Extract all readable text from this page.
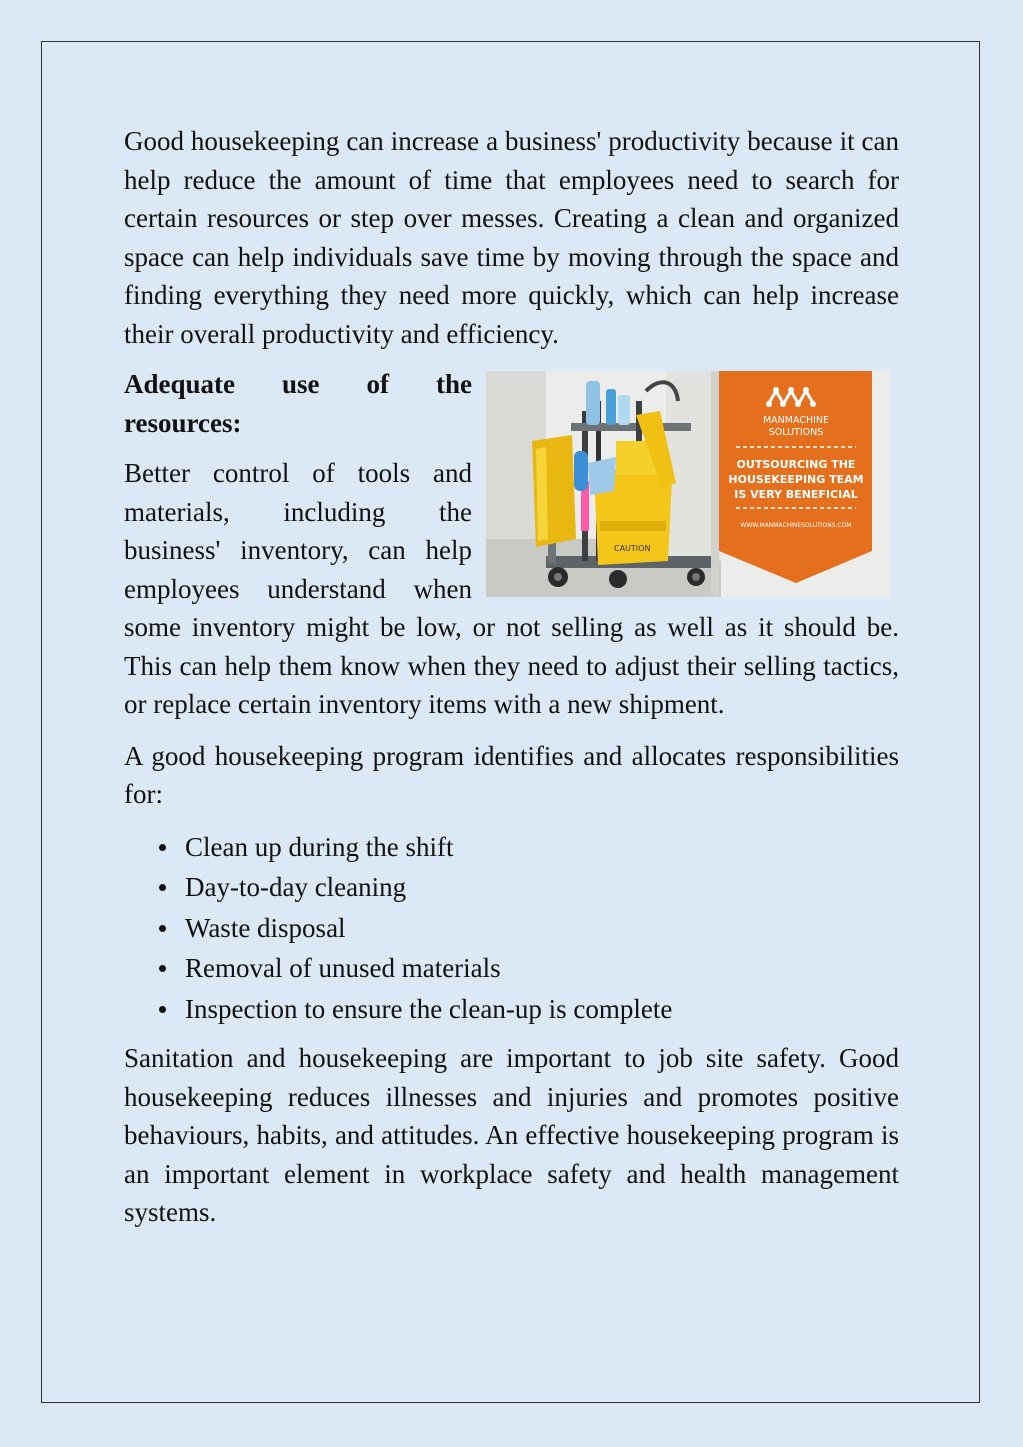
Good housekeeping can increase a business' productivity because it can help reduce the amount of time that employees need to search for certain resources or step over messes. Creating a clean and organized space can help individuals save time by moving through the space and finding everything they need more quickly, which can help increase their overall productivity and efficiency.

CAUTION
MANMACHINE
SOLUTIONS
OUTSOURCING THE
HOUSEKEEPING TEAM
IS VERY BENEFICIAL
WWW.MANMACHINESOLUTIONS.COM
Adequate use of the resources:

Better control of tools and materials, including the business' inventory, can help employees understand when some inventory might be low, or not selling as well as it should be. This can help them know when they need to adjust their selling tactics, or replace certain inventory items with a new shipment.

A good housekeeping program identifies and allocates responsibilities for:

Clean up during the shift
Day-to-day cleaning
Waste disposal
Removal of unused materials
Inspection to ensure the clean-up is complete

Sanitation and housekeeping are important to job site safety. Good housekeeping reduces illnesses and injuries and promotes positive behaviours, habits, and attitudes. An effective housekeeping program is an important element in workplace safety and health management systems.
